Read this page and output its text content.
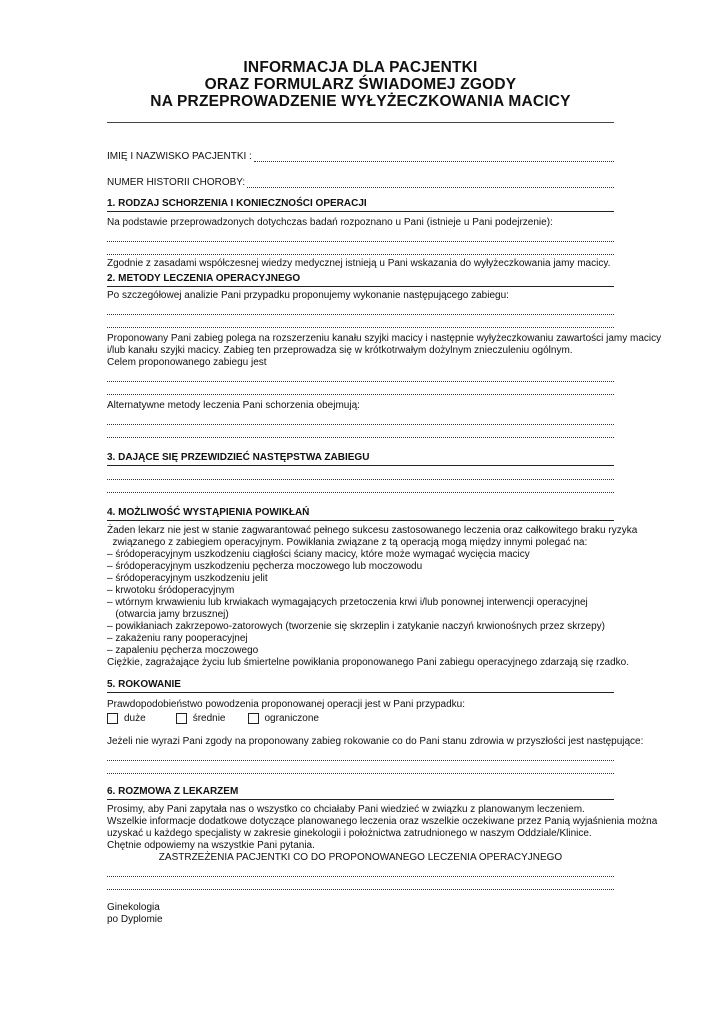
INFORMACJA DLA PACJENTKI
ORAZ FORMULARZ ŚWIADOMEJ ZGODY
NA PRZEPROWADZENIE WYŁYŻECZKOWANIA MACICY
IMIĘ I NAZWISKO PACJENTKI :
NUMER HISTORII CHOROBY:
1. RODZAJ SCHORZENIA I KONIECZNOŚCI OPERACJI
Na podstawie przeprowadzonych dotychczas badań rozpoznano u Pani (istnieje u Pani podejrzenie):
Zgodnie z zasadami współczesnej wiedzy medycznej istnieją u Pani wskazania do wyłyżeczkowania jamy macicy.
2. METODY LECZENIA OPERACYJNEGO
Po szczegółowej analizie Pani przypadku proponujemy wykonanie następującego zabiegu:
Proponowany Pani zabieg polega na rozszerzeniu kanału szyjki macicy i następnie wyłyżeczkowaniu zawartości jamy macicy
i/lub kanału szyjki macicy. Zabieg ten przeprowadza się w krótkotrwałym dożylnym znieczuleniu ogólnym.
Celem proponowanego zabiegu jest
Alternatywne metody leczenia Pani schorzenia obejmują:
3. DAJĄCE SIĘ PRZEWIDZIEĆ NASTĘPSTWA ZABIEGU
4. MOŻLIWOŚĆ WYSTĄPIENIA POWIKŁAŃ
Żaden lekarz nie jest w stanie zagwarantować pełnego sukcesu zastosowanego leczenia oraz całkowitego braku ryzyka
związanego z zabiegiem operacyjnym. Powikłania związane z tą operacją mogą między innymi polegać na:
– śródoperacyjnym uszkodzeniu ciągłości ściany macicy, które może wymagać wycięcia macicy
– śródoperacyjnym uszkodzeniu pęcherza moczowego lub moczowodu
– śródoperacyjnym uszkodzeniu jelit
– krwotoku śródoperacyjnym
– wtórnym krwawieniu lub krwiakach wymagających przetoczenia krwi i/lub ponownej interwencji operacyjnej
(otwarcia jamy brzusznej)
– powikłaniach zakrzepowo-zatorowych (tworzenie się skrzeplin i zatykanie naczyń krwionośnych przez skrzepy)
– zakażeniu rany pooperacyjnej
– zapaleniu pęcherza moczowego
Ciężkie, zagrażające życiu lub śmiertelne powikłania proponowanego Pani zabiegu operacyjnego zdarzają się rzadko.
5. ROKOWANIE
Prawdopodobieństwo powodzenia proponowanej operacji jest w Pani przypadku:
duże	średnie	ograniczone
Jeżeli nie wyrazi Pani zgody na proponowany zabieg rokowanie co do Pani stanu zdrowia w przyszłości jest następujące:
6. ROZMOWA Z LEKARZEM
Prosimy, aby Pani zapytała nas o wszystko co chciałaby Pani wiedzieć w związku z planowanym leczeniem.
Wszelkie informacje dodatkowe dotyczące planowanego leczenia oraz wszelkie oczekiwane przez Panią wyjaśnienia można
uzyskać u każdego specjalisty w zakresie ginekologii i położnictwa zatrudnionego w naszym Oddziale/Klinice.
Chętnie odpowiemy na wszystkie Pani pytania.
ZASTRZEŻENIA PACJENTKI CO DO PROPONOWANEGO LECZENIA OPERACYJNEGO
Ginekologia
po Dyplomie
